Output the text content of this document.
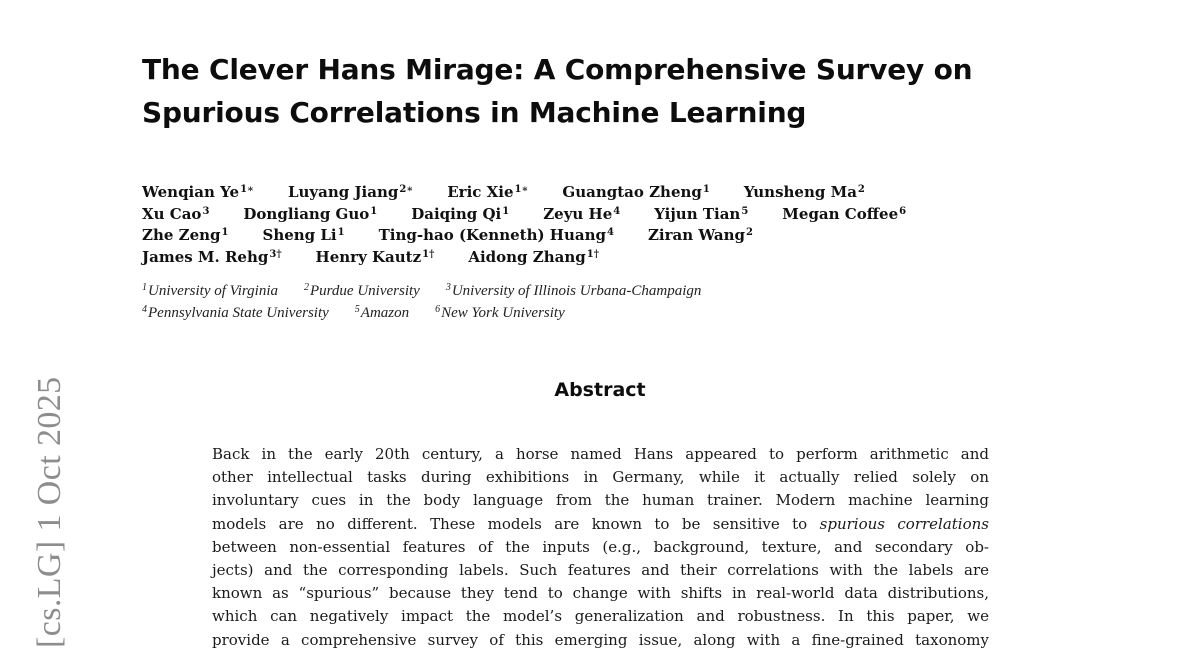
[cs.LG] 1 Oct 2025
The Clever Hans Mirage: A Comprehensive Survey on
Spurious Correlations in Machine Learning
Wenqian $Ye^{1∗}$ Luyang Jiang$^{2∗}$ Eric Xie$^{1∗}$ Guangtao Zheng$^1$ Yunsheng Ma$^2$
Xu Cao$^3$ Dongliang Guo$^1$ Daiqing Qi$^1$ Zeyu He$^4$ Yijun Tian$^5$ Megan Coffee$^6$
Zhe Zeng$^1$ Sheng Li$^1$ Ting-hao (Kenneth) Huang$^4$ Ziran Wang$^2$
James M. Rehg$^{3\dagger}$ Henry Kautz$^{1\dagger}$ Aidong Zhang$^{1\dagger}$
$^1$University of Virginia	$^2$Purdue University	$^3$University of Illinois Urbana-Champaign
$^4$Pennsylvania State University	$^5$Amazon	$^6$New York University
Abstract
Back in the early 20th century, a horse named Hans appeared to perform arithmetic and
other intellectual tasks during exhibitions in Germany, while it actually relied solely on
involuntary cues in the body language from the human trainer. Modern machine learning
models are no different. These models are known to be sensitive to spurious correlations
between non-essential features of the inputs (e.g., background, texture, and secondary ob-
jects) and the corresponding labels. Such features and their correlations with the labels are
known as “spurious” because they tend to change with shifts in real-world data distributions,
which can negatively impact the model’s generalization and robustness. In this paper, we
provide a comprehensive survey of this emerging issue, along with a fine-grained taxonomy
